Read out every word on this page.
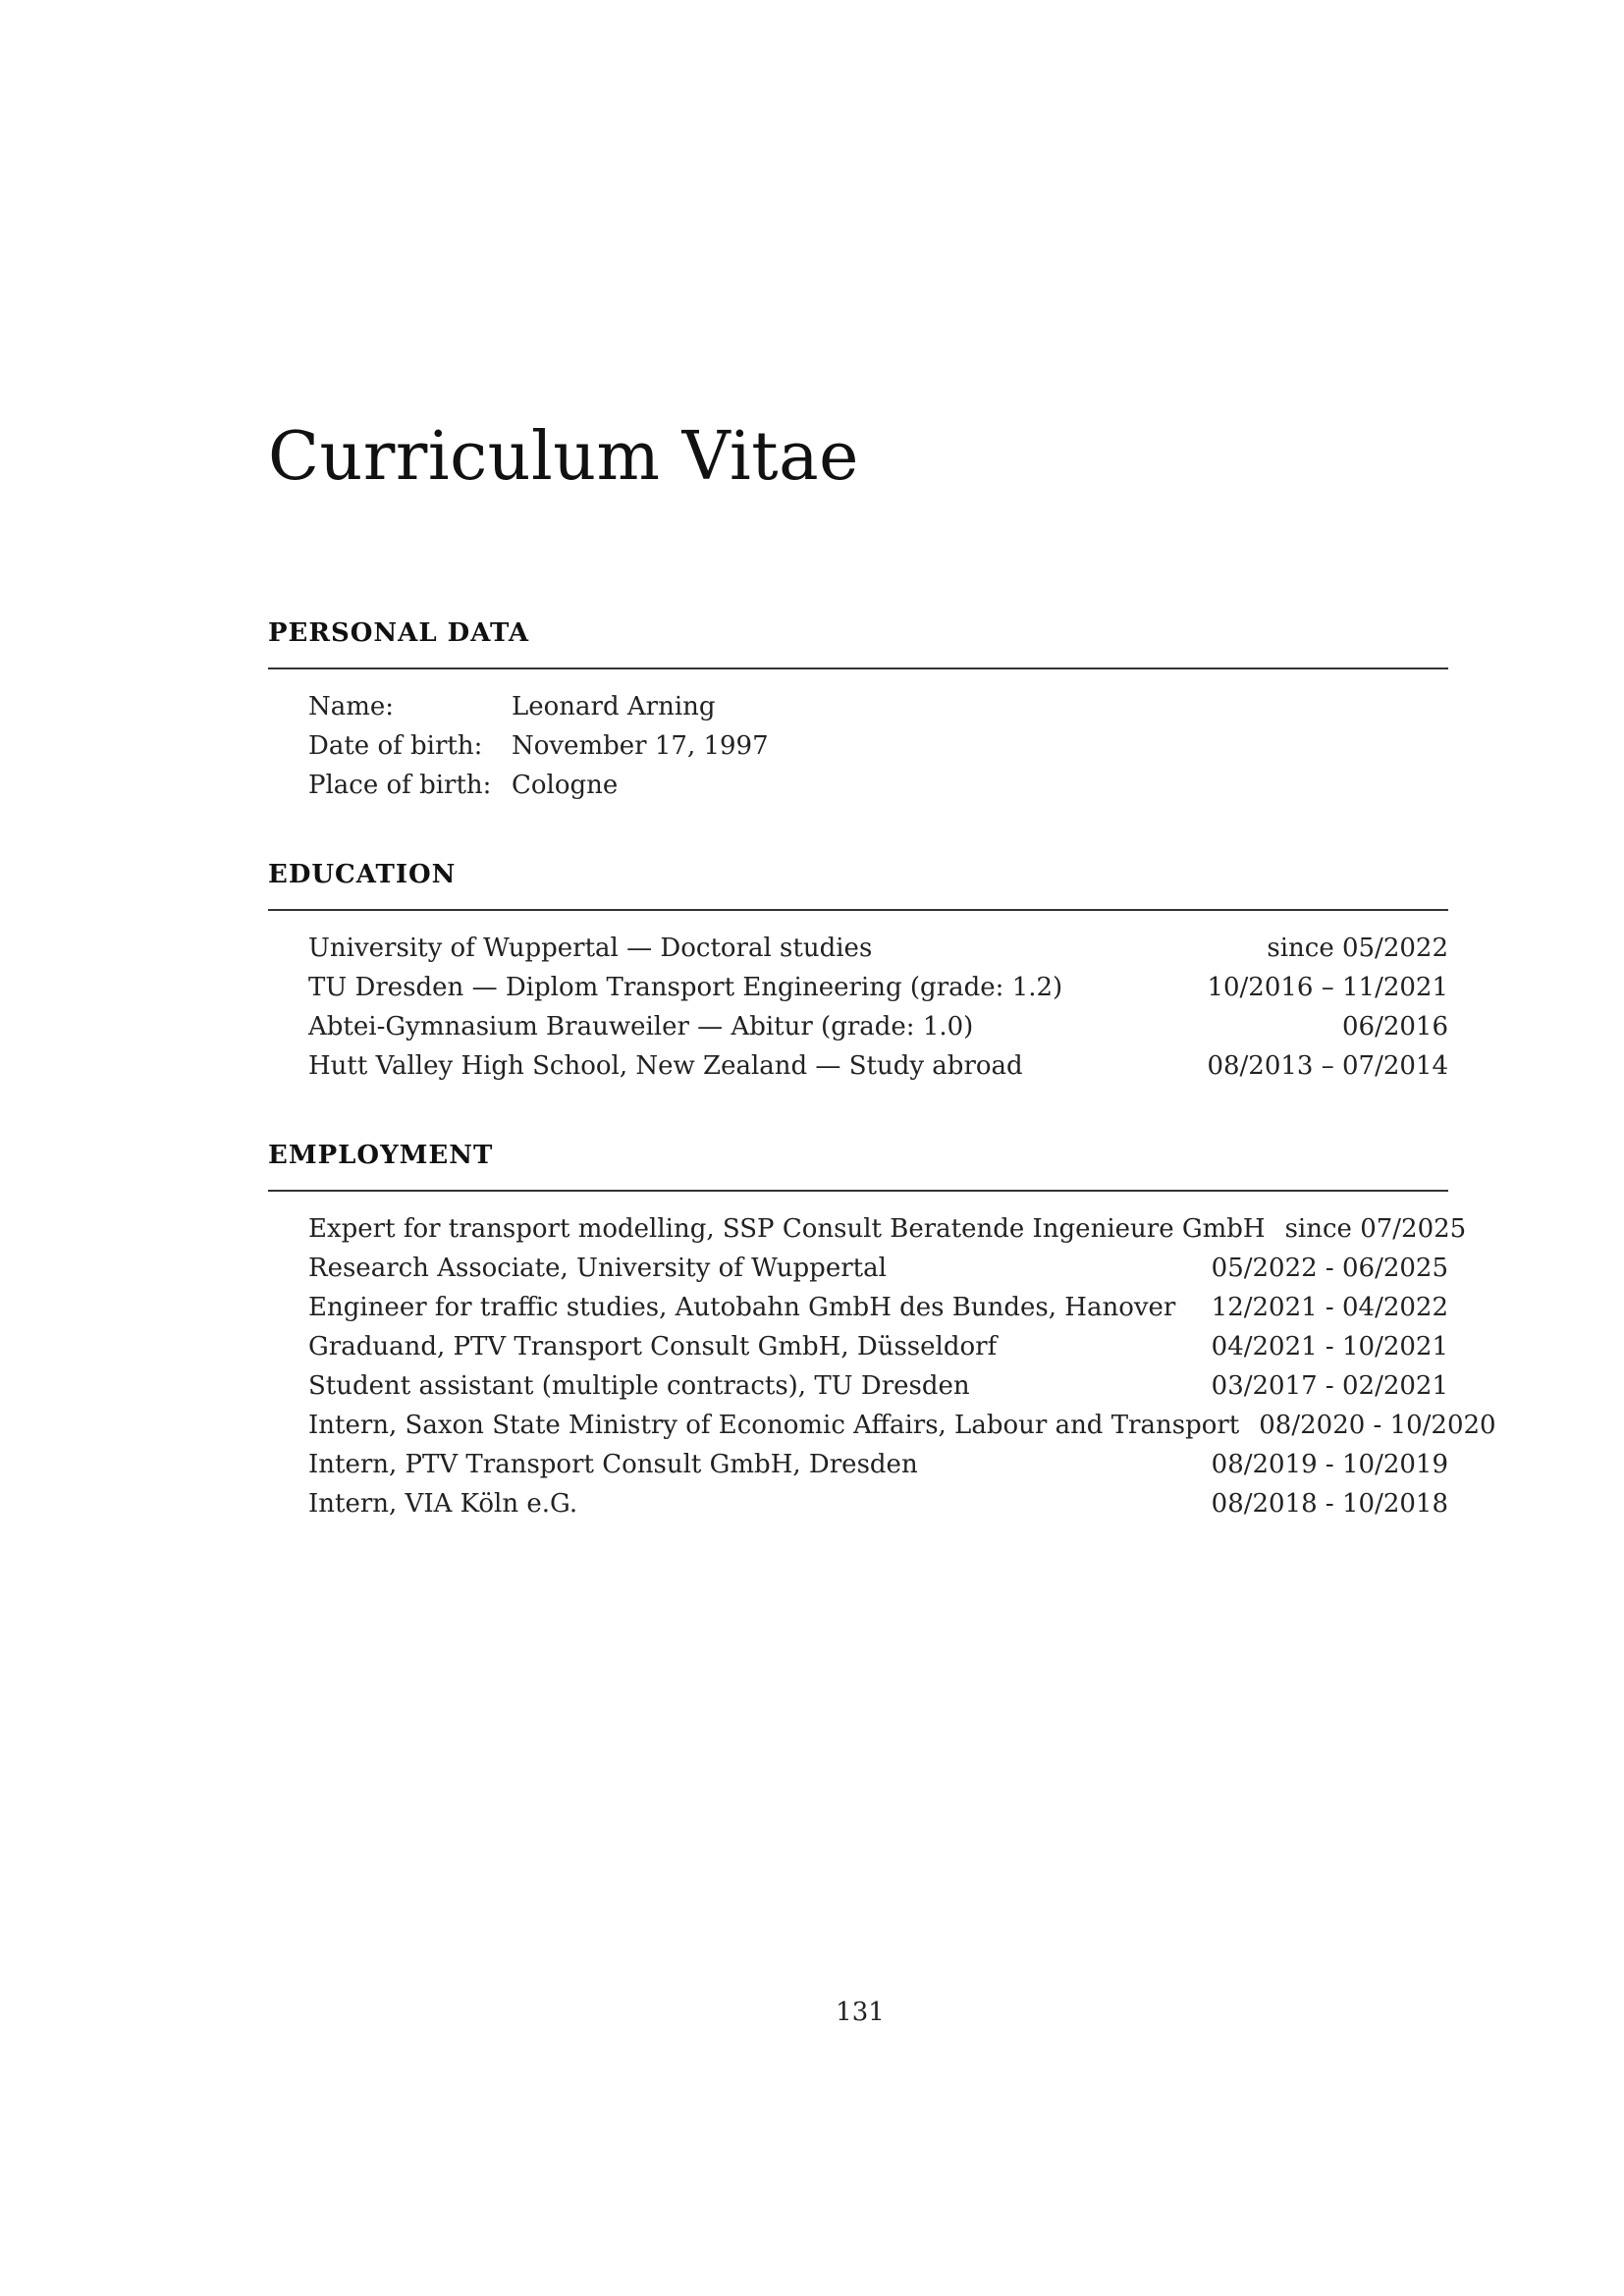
Curriculum Vitae
PERSONAL DATA
Name:	Leonard Arning
Date of birth:	November 17, 1997
Place of birth: Cologne
EDUCATION
University of Wuppertal — Doctoral studies	since 05/2022
TU Dresden — Diplom Transport Engineering (grade: 1.2)	10/2016 – 11/2021
Abtei-Gymnasium Brauweiler — Abitur (grade: 1.0)	06/2016
Hutt Valley High School, New Zealand — Study abroad	08/2013 – 07/2014
EMPLOYMENT
Expert for transport modelling, SSP Consult Beratende Ingenieure GmbH since 07/2025
Research Associate, University of Wuppertal	05/2022 - 06/2025
Engineer for traffic studies, Autobahn GmbH des Bundes, Hanover	12/2021 - 04/2022
Graduand, PTV Transport Consult GmbH, Düsseldorf	04/2021 - 10/2021
Student assistant (multiple contracts), TU Dresden	03/2017 - 02/2021
Intern, Saxon State Ministry of Economic Affairs, Labour and Transport 08/2020 - 10/2020
Intern, PTV Transport Consult GmbH, Dresden	08/2019 - 10/2019
Intern, VIA Köln e.G.	08/2018 - 10/2018
131
